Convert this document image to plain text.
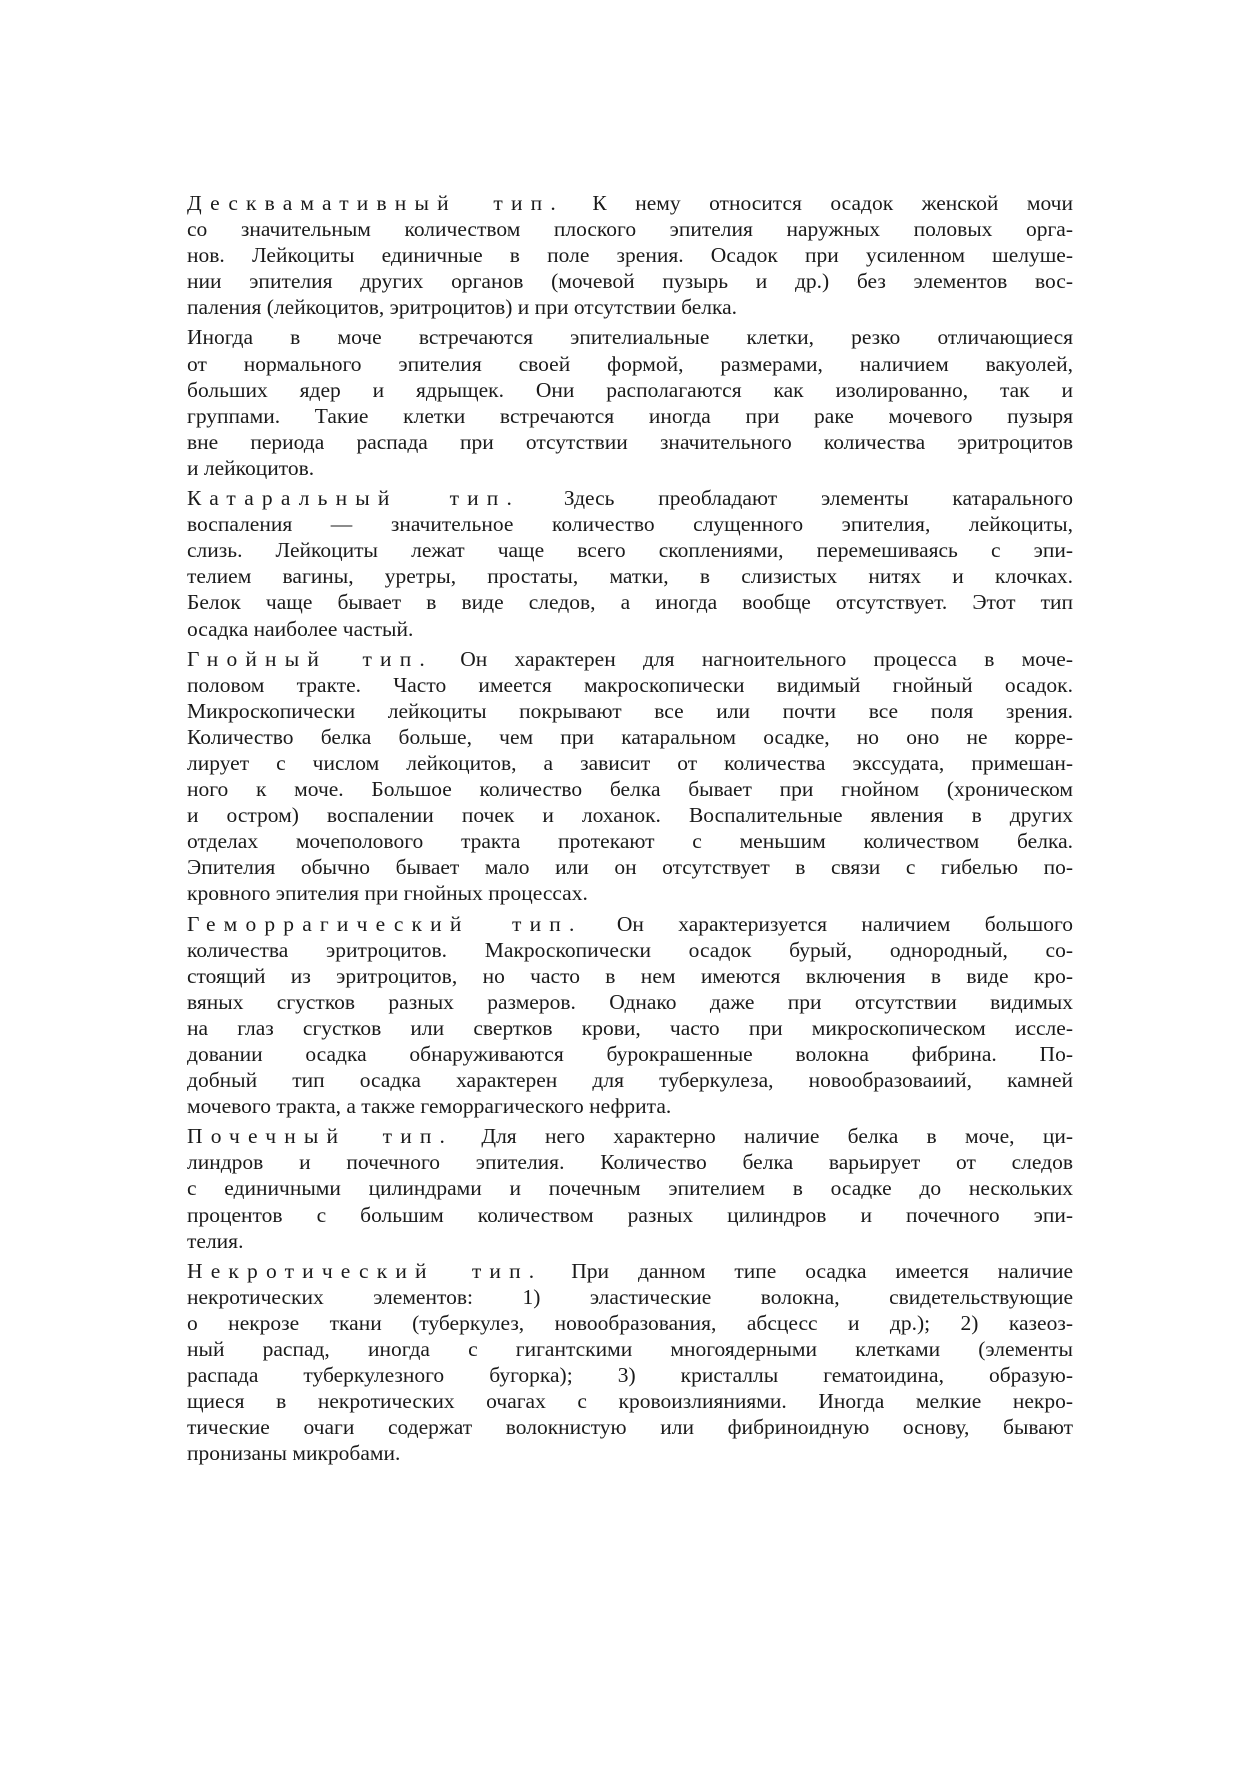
Десквамативный тип. К нему относится осадок женской мочи
со значительным количеством плоского эпителия наружных половых орга-
нов. Лейкоциты единичные в поле зрения. Осадок при усиленном шелуше-
нии эпителия других органов (мочевой пузырь и др.) без элементов вос-
паления (лейкоцитов, эритроцитов) и при отсутствии белка.
Иногда в моче встречаются эпителиальные клетки, резко отличающиеся
от нормального эпителия своей формой, размерами, наличием вакуолей,
больших ядер и ядрыщек. Они располагаются как изолированно, так и
группами. Такие клетки встречаются иногда при раке мочевого пузыря
вне периода распада при отсутствии значительного количества эритроцитов
и лейкоцитов.
Катаральный тип. Здесь преобладают элементы катарального
воспаления — значительное количество слущенного эпителия, лейкоциты,
слизь. Лейкоциты лежат чаще всего скоплениями, перемешиваясь с эпи-
телием вагины, уретры, простаты, матки, в слизистых нитях и клочках.
Белок чаще бывает в виде следов, а иногда вообще отсутствует. Этот тип
осадка наиболее частый.
Гнойный тип. Он характерен для нагноительного процесса в моче-
половом тракте. Часто имеется макроскопически видимый гнойный осадок.
Микроскопически лейкоциты покрывают все или почти все поля зрения.
Количество белка больше, чем при катаральном осадке, но оно не корре-
лирует с числом лейкоцитов, а зависит от количества экссудата, примешан-
ного к моче. Большое количество белка бывает при гнойном (хроническом
и остром) воспалении почек и лоханок. Воспалительные явления в других
отделах мочеполового тракта протекают с меньшим количеством белка.
Эпителия обычно бывает мало или он отсутствует в связи с гибелью по-
кровного эпителия при гнойных процессах.
Геморрагический тип. Он характеризуется наличием большого
количества эритроцитов. Макроскопически осадок бурый, однородный, со-
стоящий из эритроцитов, но часто в нем имеются включения в виде кро-
вяных сгустков разных размеров. Однако даже при отсутствии видимых
на глаз сгустков или свертков крови, часто при микроскопическом иссле-
довании осадка обнаруживаются бурокрашенные волокна фибрина. По-
добный тип осадка характерен для туберкулеза, новообразоваиий, камней
мочевого тракта, а также геморрагического нефрита.
Почечный тип. Для него характерно наличие белка в моче, ци-
линдров и почечного эпителия. Количество белка варьирует от следов
с единичными цилиндрами и почечным эпителием в осадке до нескольких
процентов с большим количеством разных цилиндров и почечного эпи-
телия.
Некротический тип. При данном типе осадка имеется наличие
некротических элементов: 1) эластические волокна, свидетельствующие
о некрозе ткани (туберкулез, новообразования, абсцесс и др.); 2) казеоз-
ный распад, иногда с гигантскими многоядерными клетками (элементы
распада туберкулезного бугорка); 3) кристаллы гематоидина, образую-
щиеся в некротических очагах с кровоизлияниями. Иногда мелкие некро-
тические очаги содержат волокнистую или фибриноидную основу, бывают
пронизаны микробами.
